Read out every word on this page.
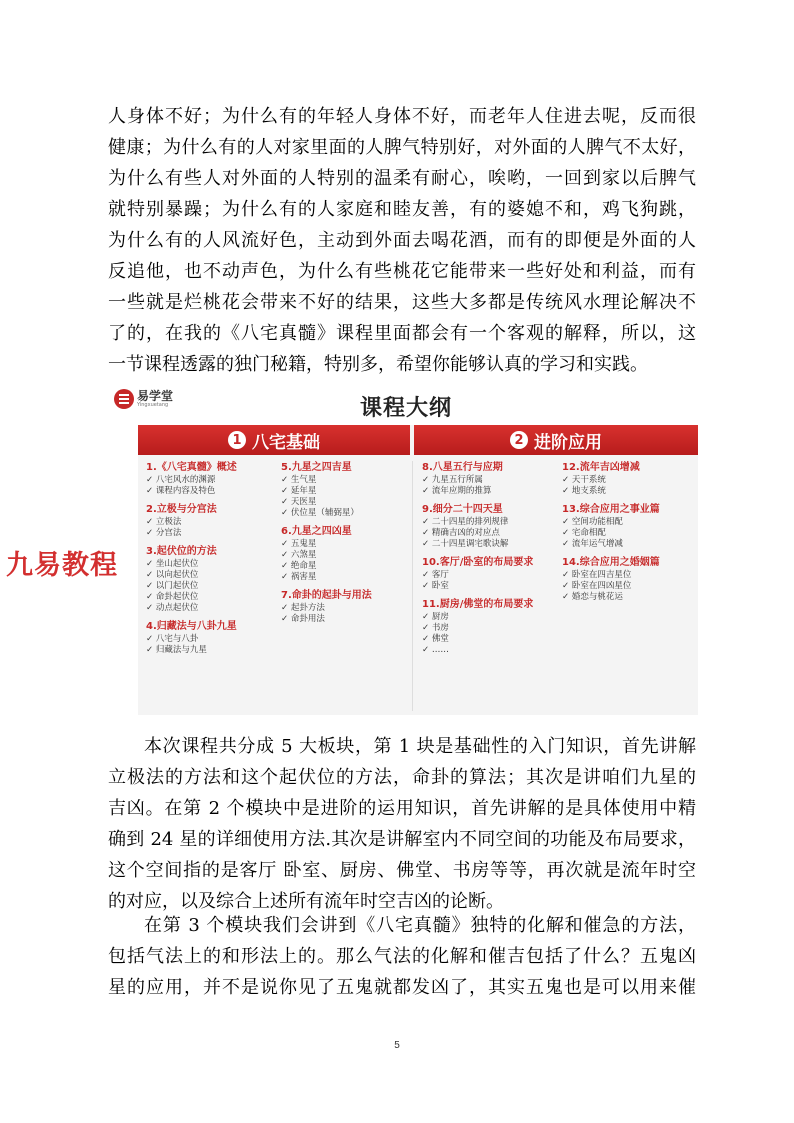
人身体不好；为什么有的年轻人身体不好，而老年人住进去呢，反而很
健康；为什么有的人对家里面的人脾气特别好，对外面的人脾气不太好，
为什么有些人对外面的人特别的温柔有耐心，唉哟，一回到家以后脾气
就特别暴躁；为什么有的人家庭和睦友善，有的婆媳不和，鸡飞狗跳，
为什么有的人风流好色，主动到外面去喝花酒，而有的即便是外面的人
反追他，也不动声色，为什么有些桃花它能带来一些好处和利益，而有
一些就是烂桃花会带来不好的结果，这些大多都是传统风水理论解决不
了的，在我的《八宅真髓》课程里面都会有一个客观的解释，所以，这
一节课程透露的独门秘籍，特别多，希望你能够认真的学习和实践。

易学堂
Yingxuetang	课程大纲
1 八宅基础	2 进阶应用
1.《八宅真髓》概述
✓ 八宅风水的渊源
✓ 课程内容及特色
2.立极与分宫法
✓ 立极法
✓ 分宫法
3.起伏位的方法
✓ 坐山起伏位
✓ 以向起伏位
✓ 以门起伏位
✓ 命卦起伏位
✓ 动点起伏位
4.归藏法与八卦九星
✓ 八宅与八卦
✓ 归藏法与九星
5.九星之四吉星
✓ 生气星
✓ 延年星
✓ 天医星
✓ 伏位星（辅弼星）
6.九星之四凶星
✓ 五鬼星
✓ 六煞星
✓ 绝命星
✓ 祸害星
7.命卦的起卦与用法
✓ 起卦方法
✓ 命卦用法
8.八星五行与应期
✓ 九星五行所属
✓ 流年应期的推算
9.细分二十四天星
✓ 二十四星的排列规律
✓ 精确吉凶的对应点
✓ 二十四星调宅歌诀解
10.客厅/卧室的布局要求
✓ 客厅
✓ 卧室
11.厨房/佛堂的布局要求
✓ 厨房
✓ 书房
✓ 佛堂
✓ ……
12.流年吉凶增减
✓ 天干系统
✓ 地支系统
13.综合应用之事业篇
✓ 空间功能相配
✓ 宅命相配
✓ 流年运气增减
14.综合应用之婚姻篇
✓ 卧室在四吉星位
✓ 卧室在四凶星位
✓ 婚恋与桃花运
九易教程

本次课程共分成 5 大板块，第 1 块是基础性的入门知识，首先讲解
立极法的方法和这个起伏位的方法，命卦的算法；其次是讲咱们九星的
吉凶。在第 2 个模块中是进阶的运用知识，首先讲解的是具体使用中精
确到 24 星的详细使用方法.其次是讲解室内不同空间的功能及布局要求，
这个空间指的是客厅 卧室、厨房、佛堂、书房等等，再次就是流年时空
的对应，以及综合上述所有流年时空吉凶的论断。

在第 3 个模块我们会讲到《八宅真髓》独特的化解和催急的方法，
包括气法上的和形法上的。那么气法的化解和催吉包括了什么？五鬼凶
星的应用，并不是说你见了五鬼就都发凶了，其实五鬼也是可以用来催

5
